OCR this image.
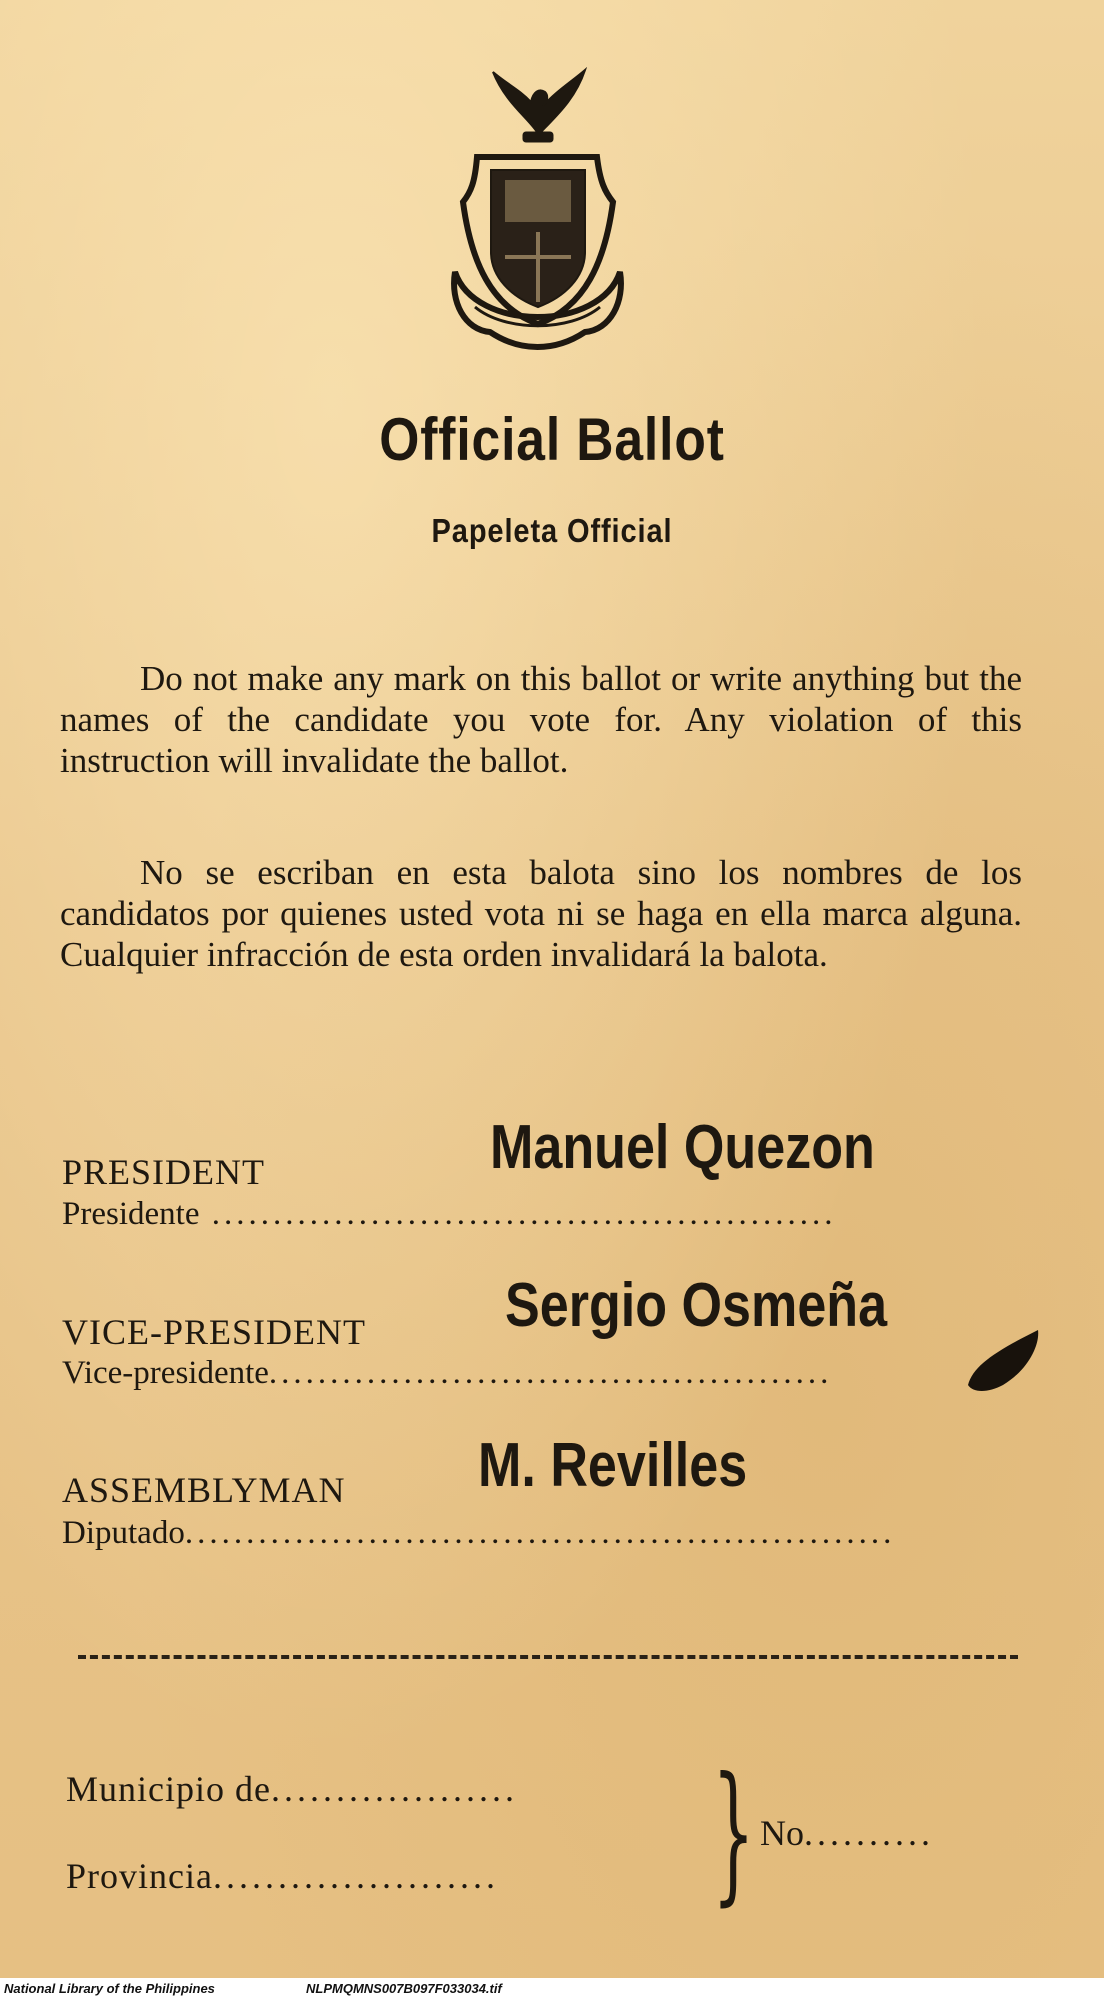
Official Ballot
Papeleta Official

Do not make any mark on this ballot or write anything but the names of the candidate you vote for. Any violation of this instruction will invalidate the ballot.

No se escriban en esta balota sino los nombres de los candidatos por quienes usted vota ni se haga en ella marca alguna. Cualquier infracción de esta orden invalidará la balota.

PRESIDENT	Manuel Quezon
Presidente ...................................................
VICE-PRESIDENT Sergio Osmeña
Vice-presidente..............................................
ASSEMBLYMAN M. Revilles
Diputado..........................................................
Municipio de...................
Provincia...................... } No..........
National Library of the Philippines	NLPMQMNS007B097F033034.tif
